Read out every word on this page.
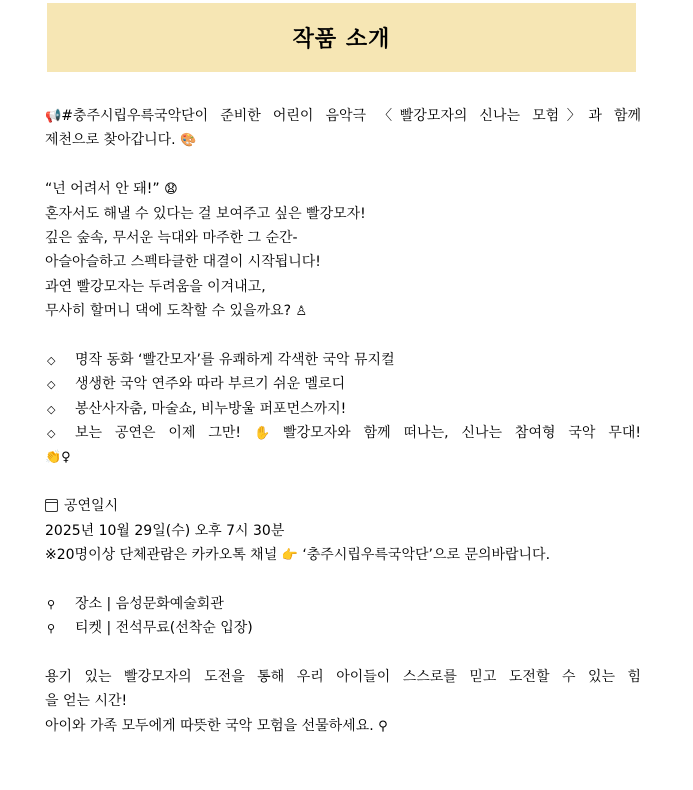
작품 소개
📢#충주시립우륵국악단이 준비한 어린이 음악극 〈빨강모자의 신나는 모험〉과 함께
제천으로 찾아갑니다. 🎨
“넌 어려서 안 돼!” 😧
혼자서도 해낼 수 있다는 걸 보여주고 싶은 빨강모자!
깊은 숲속, 무서운 늑대와 마주한 그 순간-
아슬아슬하고 스펙타클한 대결이 시작됩니다!
과연 빨강모자는 두려움을 이겨내고,
무사히 할머니 댁에 도착할 수 있을까요? ♙
◇ 명작 동화 ‘빨간모자’를 유쾌하게 각색한 국악 뮤지컬
◇ 생생한 국악 연주와 따라 부르기 쉬운 멜로디
◇ 봉산사자춤, 마술쇼, 비누방울 퍼포먼스까지!
◇ 보는 공연은 이제 그만! ✋ 빨강모자와 함께 떠나는, 신나는 참여형 국악 무대!
👏♀
공연일시
2025년 10월 29일(수) 오후 7시 30분
※20명이상 단체관람은 카카오톡 채널 👉 ‘충주시립우륵국악단’으로 문의바랍니다.
⚲ 장소 | 음성문화예술회관
⚲ 티켓 | 전석무료(선착순 입장)
용기 있는 빨강모자의 도전을 통해 우리 아이들이 스스로를 믿고 도전할 수 있는 힘
을 얻는 시간!
아이와 가족 모두에게 따뜻한 국악 모험을 선물하세요. ⚲
